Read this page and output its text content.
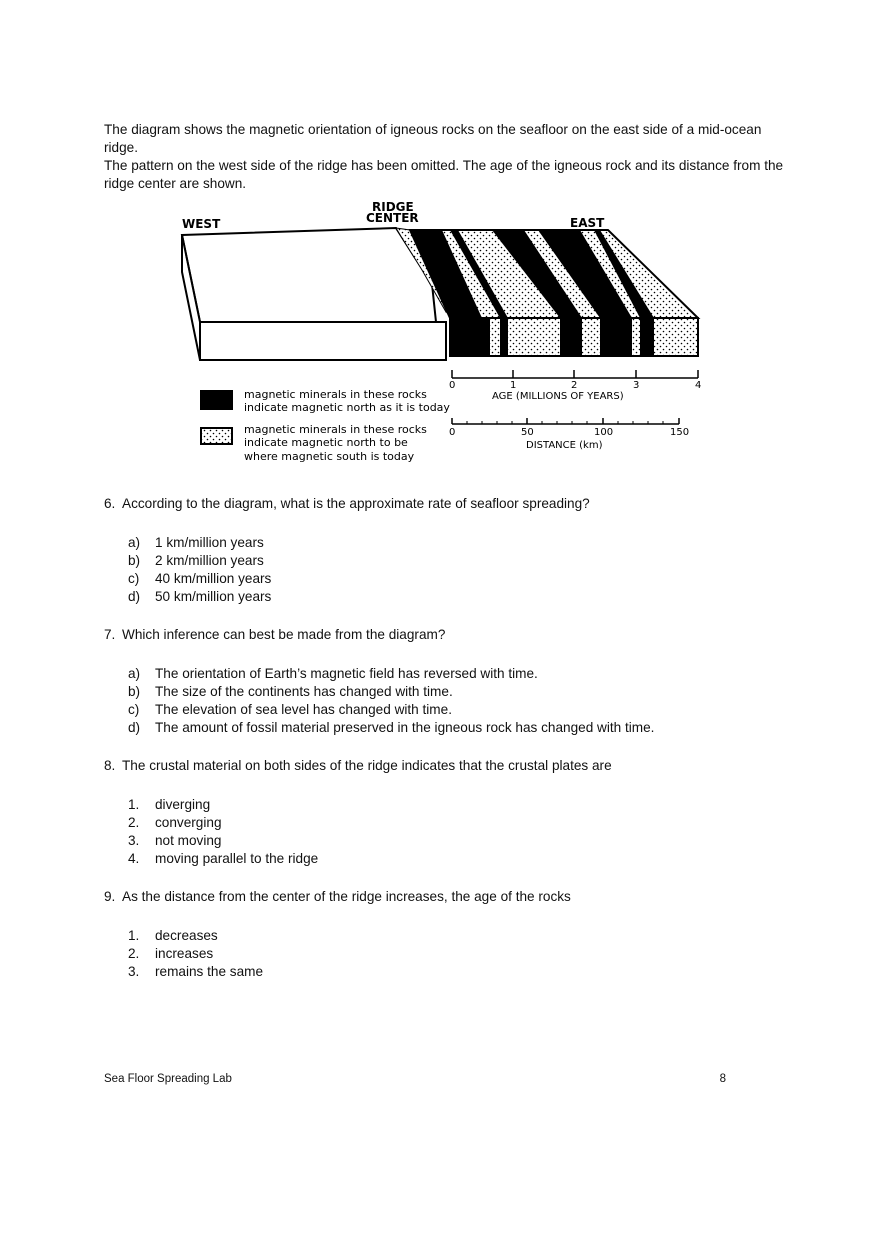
The diagram shows the magnetic orientation of igneous rocks on the seafloor on the east side of a mid-ocean ridge.

The pattern on the west side of the ridge has been omitted. The age of the igneous rock and its distance from the

ridge center are shown.

WEST
RIDGE
CENTER	EAST
magnetic minerals in these rocks
indicate magnetic north as it is today
magnetic minerals in these rocks
indicate magnetic north to be
where magnetic south is today
0	1	2	3	4
AGE (MILLIONS OF YEARS)
0	50	100	150
DISTANCE (km)
6. According to the diagram, what is the approximate rate of seafloor spreading?
a)	1 km/million years
b)	2 km/million years
c)	40 km/million years
d)	50 km/million years
7. Which inference can best be made from the diagram?
a)	The orientation of Earth’s magnetic field has reversed with time.
b)	The size of the continents has changed with time.
c)	The elevation of sea level has changed with time.
d)	The amount of fossil material preserved in the igneous rock has changed with time.
8. The crustal material on both sides of the ridge indicates that the crustal plates are
1.	diverging
2.	converging
3.	not moving
4.	moving parallel to the ridge
9. As the distance from the center of the ridge increases, the age of the rocks
1.	decreases
2.	increases
3.	remains the same
Sea Floor Spreading Lab	8
